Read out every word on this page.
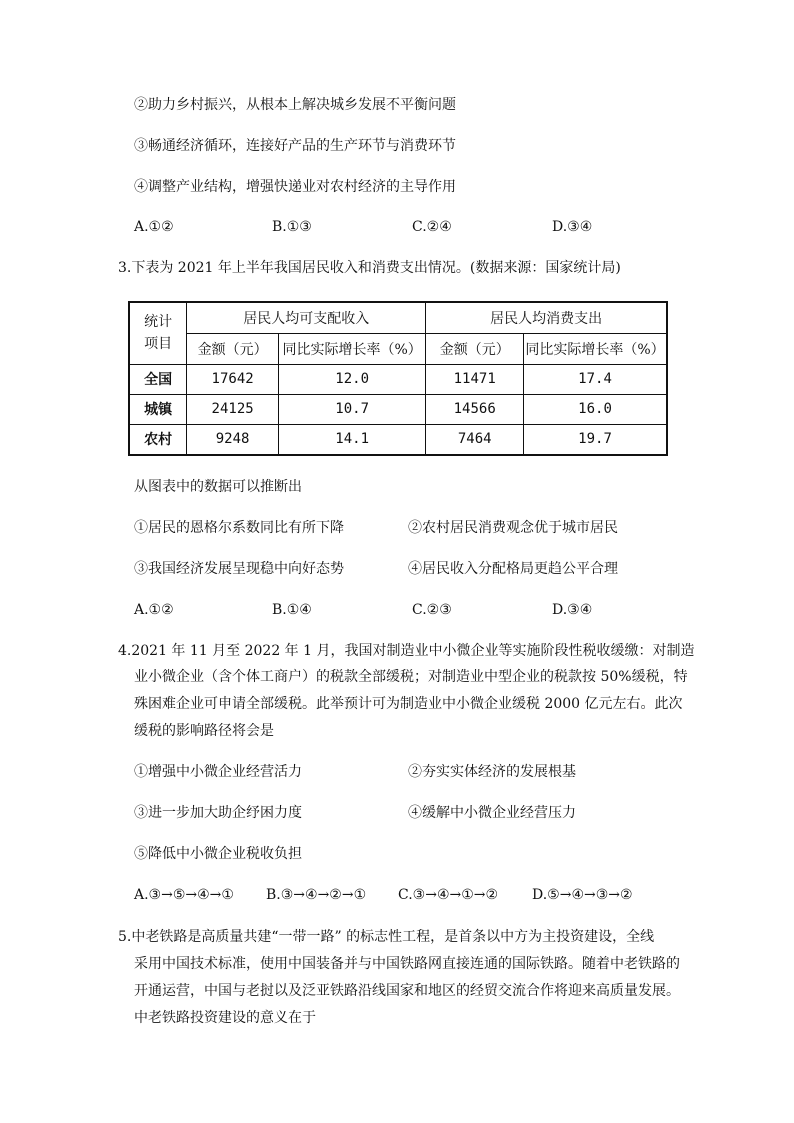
②助力乡村振兴，从根本上解决城乡发展不平衡问题
③畅通经济循环，连接好产品的生产环节与消费环节
④调整产业结构，增强快递业对农村经济的主导作用
A.①②	B.①③	C.②④	D.③④
3.下表为 2021 年上半年我国居民收入和消费支出情况。(数据来源：国家统计局)
统计
项目	居民人均可支配收入		居民人均消费支出	
	金额（元）	同比实际增长率（%）	金额（元）	同比实际增长率（%）
全国	17642	12.0	11471	17.4
城镇	24125	10.7	14566	16.0
农村	9248	14.1	7464	19.7
从图表中的数据可以推断出
①居民的恩格尔系数同比有所下降	②农村居民消费观念优于城市居民
③我国经济发展呈现稳中向好态势	④居民收入分配格局更趋公平合理
A.①②	B.①④	C.②③	D.③④
4.2021 年 11 月至 2022 年 1 月，我国对制造业中小微企业等实施阶段性税收缓缴：对制造
业小微企业（含个体工商户）的税款全部缓税；对制造业中型企业的税款按 50%缓税，特
殊困难企业可申请全部缓税。此举预计可为制造业中小微企业缓税 2000 亿元左右。此次
缓税的影响路径将会是
①增强中小微企业经营活力	②夯实实体经济的发展根基
③进一步加大助企纾困力度	④缓解中小微企业经营压力
⑤降低中小微企业税收负担
A.③→⑤→④→① B.③→④→②→① C.③→④→①→② D.⑤→④→③→②
5.中老铁路是高质量共建“一带一路” 的标志性工程，是首条以中方为主投资建设，全线
采用中国技术标准，使用中国装备并与中国铁路网直接连通的国际铁路。随着中老铁路的
开通运营，中国与老挝以及泛亚铁路沿线国家和地区的经贸交流合作将迎来高质量发展。
中老铁路投资建设的意义在于
